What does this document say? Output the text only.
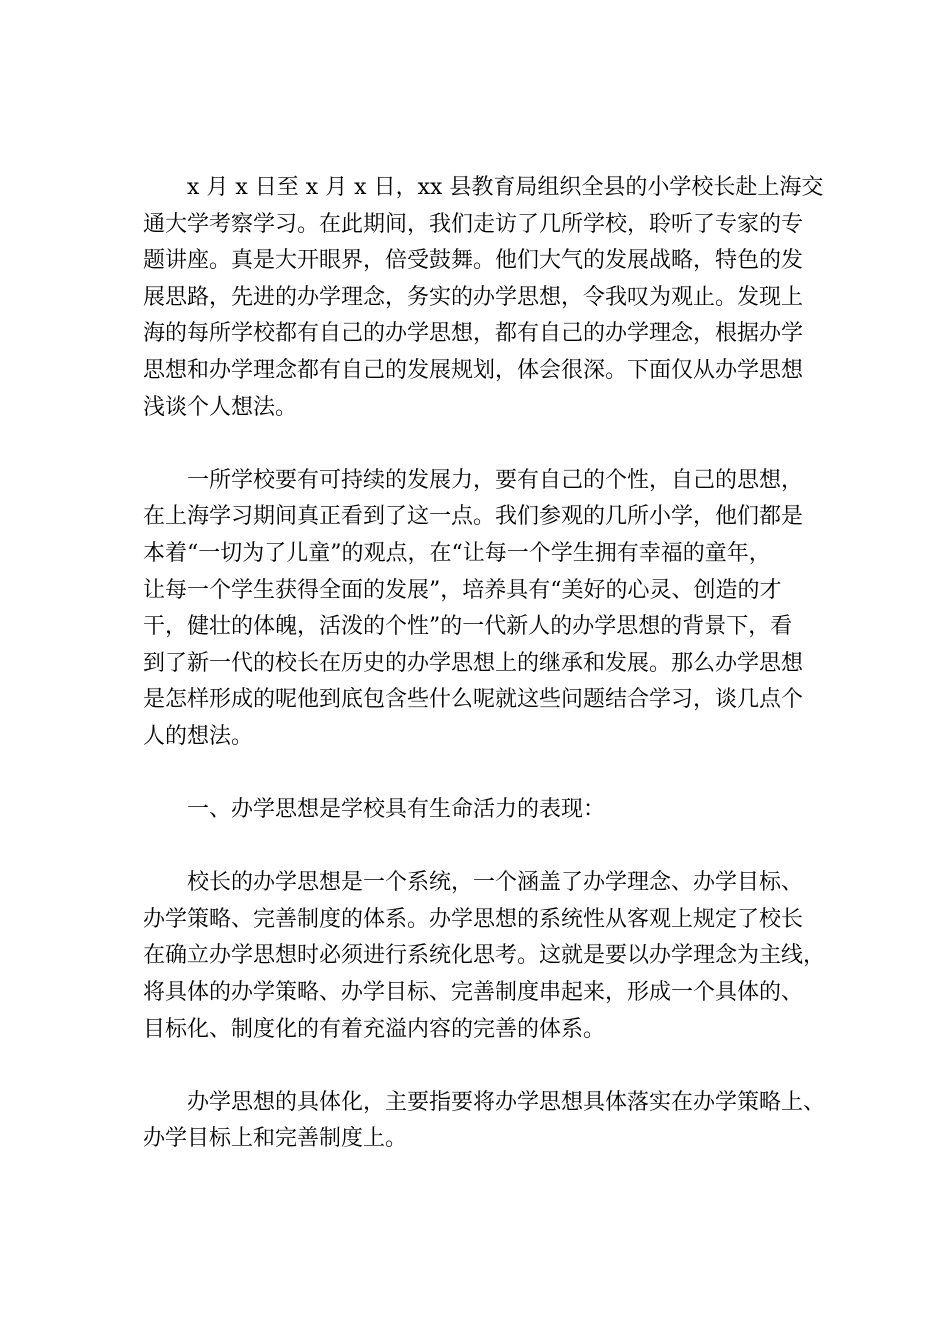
x 月 x 日至 x 月 x 日，xx 县教育局组织全县的小学校长赴上海交
通大学考察学习。在此期间，我们走访了几所学校，聆听了专家的专
题讲座。真是大开眼界，倍受鼓舞。他们大气的发展战略，特色的发
展思路，先进的办学理念，务实的办学思想，令我叹为观止。发现上
海的每所学校都有自己的办学思想，都有自己的办学理念，根据办学
思想和办学理念都有自己的发展规划，体会很深。下面仅从办学思想
浅谈个人想法。

一所学校要有可持续的发展力，要有自己的个性，自己的思想，
在上海学习期间真正看到了这一点。我们参观的几所小学，他们都是
本着“一切为了儿童”的观点，在“让每一个学生拥有幸福的童年，
让每一个学生获得全面的发展”，培养具有“美好的心灵、创造的才
干，健壮的体魄，活泼的个性”的一代新人的办学思想的背景下，看
到了新一代的校长在历史的办学思想上的继承和发展。那么办学思想
是怎样形成的呢他到底包含些什么呢就这些问题结合学习，谈几点个
人的想法。

一、办学思想是学校具有生命活力的表现：

校长的办学思想是一个系统，一个涵盖了办学理念、办学目标、
办学策略、完善制度的体系。办学思想的系统性从客观上规定了校长
在确立办学思想时必须进行系统化思考。这就是要以办学理念为主线，
将具体的办学策略、办学目标、完善制度串起来，形成一个具体的、
目标化、制度化的有着充溢内容的完善的体系。

办学思想的具体化，主要指要将办学思想具体落实在办学策略上、
办学目标上和完善制度上。
